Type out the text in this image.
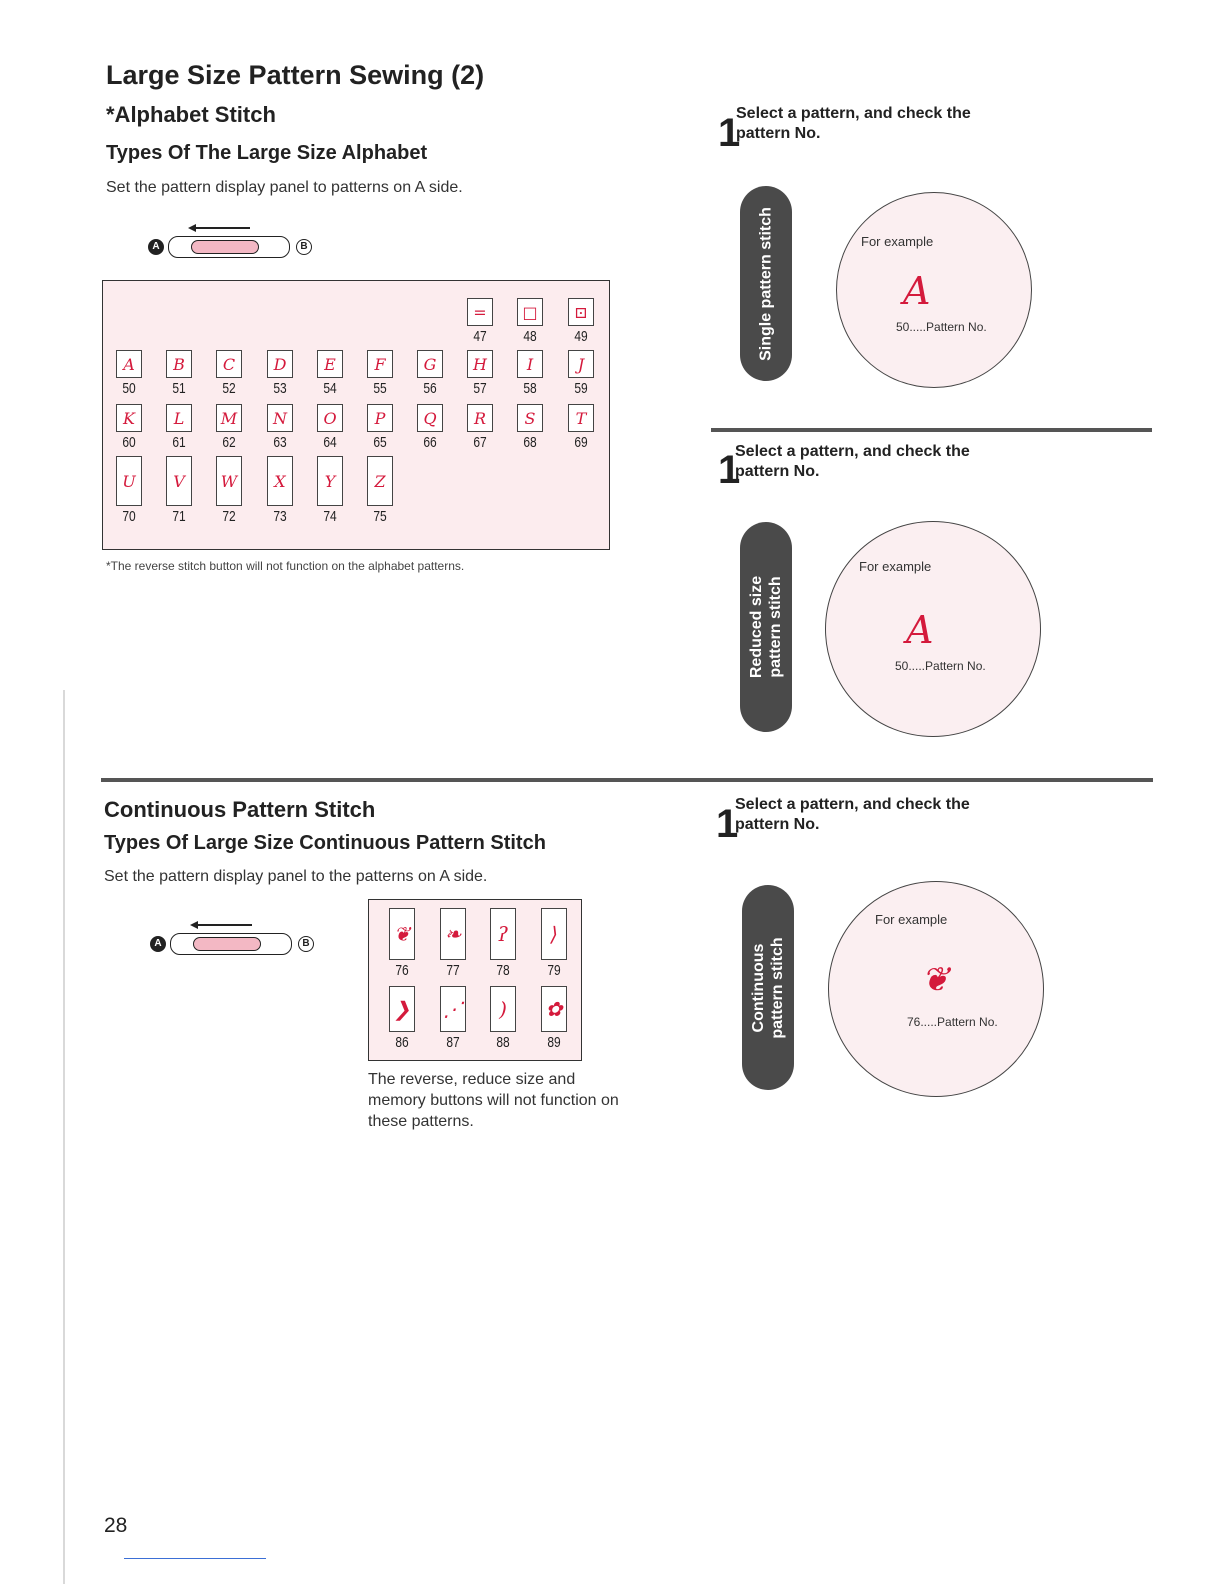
Large Size Pattern Sewing (2)
*Alphabet Stitch
Types Of The Large Size Alphabet
Set the pattern display panel to patterns on A side.
A	B
=
47
□
48
⊡
49
A
50
B
51
C
52
D
53
E
54
F
55
G
56
H
57
I
58
J
59
K
60
L
61
M
62
N
63
O
64
P
65
Q
66
R
67
S
68
T
69
U
70
V
71
W
72
X
73
Y
74
Z
75
*The reverse stitch button will not function on the alphabet patterns.
Continuous Pattern Stitch
Types Of Large Size Continuous Pattern Stitch
Set the pattern display panel to the patterns on A side.
A	B	❦
76
❧
77
ʔ
78
⟩
79
❯
86
⋰
87
)
88
✿
89
The reverse, reduce size and memory buttons will not function on these patterns.
28
1
Select a pattern, and check the
pattern No.
Single pattern stitch	For example
A
50.....Pattern No.
1
Select a pattern, and check the
pattern No.
Reduced size pattern stitch
For example
A
50.....Pattern No.
1
Select a pattern, and check the
pattern No.
Continuous pattern stitch
For example
❦
76.....Pattern No.
